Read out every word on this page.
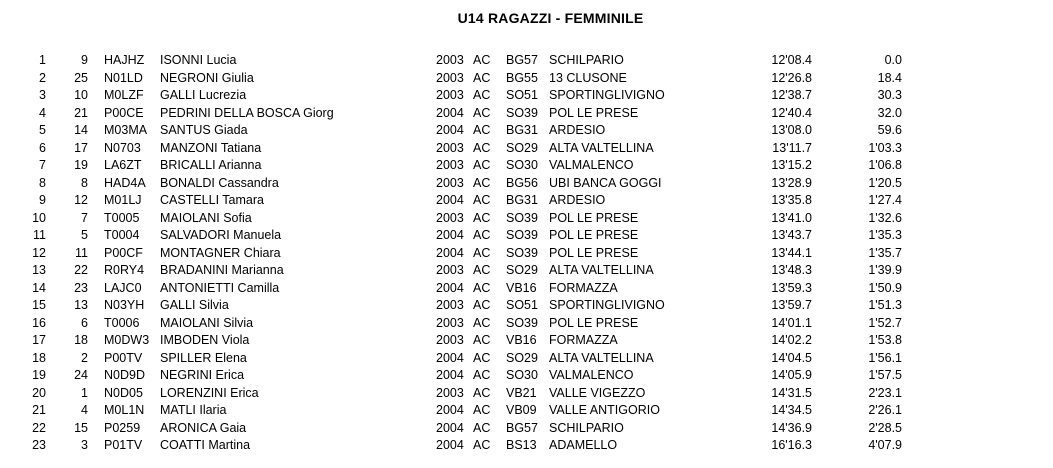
U14 RAGAZZI - FEMMINILE
1	9 HAJHZ ISONNI Lucia	2003 AC BG57 SCHILPARIO	12'08.4	0.0
2	25 N01LD NEGRONI Giulia	2003 AC BG55 13 CLUSONE	12'26.8	18.4
3	10 M0LZF GALLI Lucrezia	2003 AC SO51 SPORTINGLIVIGNO	12'38.7	30.3
4	21 P00CE PEDRINI DELLA BOSCA Giorg	2004 AC SO39 POL LE PRESE	12'40.4	32.0
5	14 M03MA SANTUS Giada	2004 AC BG31 ARDESIO	13'08.0	59.6
6	17 N0703 MANZONI Tatiana	2003 AC SO29 ALTA VALTELLINA	13'11.7	1'03.3
7	19 LA6ZT BRICALLI Arianna	2003 AC SO30 VALMALENCO	13'15.2	1'06.8
8	8 HAD4A BONALDI Cassandra	2003 AC BG56 UBI BANCA GOGGI	13'28.9	1'20.5
9	12 M01LJ CASTELLI Tamara	2004 AC BG31 ARDESIO	13'35.8	1'27.4
10	7 T0005 MAIOLANI Sofia	2003 AC SO39 POL LE PRESE	13'41.0	1'32.6
11	5 T0004 SALVADORI Manuela	2004 AC SO39 POL LE PRESE	13'43.7	1'35.3
12	11 P00CF MONTAGNER Chiara	2004 AC SO39 POL LE PRESE	13'44.1	1'35.7
13	22 R0RY4 BRADANINI Marianna	2003 AC SO29 ALTA VALTELLINA	13'48.3	1'39.9
14	23 LAJC0 ANTONIETTI Camilla	2004 AC VB16 FORMAZZA	13'59.3	1'50.9
15	13 N03YH GALLI Silvia	2003 AC SO51 SPORTINGLIVIGNO	13'59.7	1'51.3
16	6 T0006 MAIOLANI Silvia	2003 AC SO39 POL LE PRESE	14'01.1	1'52.7
17	18 M0DW3 IMBODEN Viola	2003 AC VB16 FORMAZZA	14'02.2	1'53.8
18	2 P00TV SPILLER Elena	2004 AC SO29 ALTA VALTELLINA	14'04.5	1'56.1
19	24 N0D9D NEGRINI Erica	2004 AC SO30 VALMALENCO	14'05.9	1'57.5
20	1 N0D05 LORENZINI Erica	2003 AC VB21 VALLE VIGEZZO	14'31.5	2'23.1
21	4 M0L1N MATLI Ilaria	2004 AC VB09 VALLE ANTIGORIO	14'34.5	2'26.1
22	15 P0259 ARONICA Gaia	2004 AC BG57 SCHILPARIO	14'36.9	2'28.5
23	3 P01TV COATTI Martina	2004 AC BS13 ADAMELLO	16'16.3	4'07.9
